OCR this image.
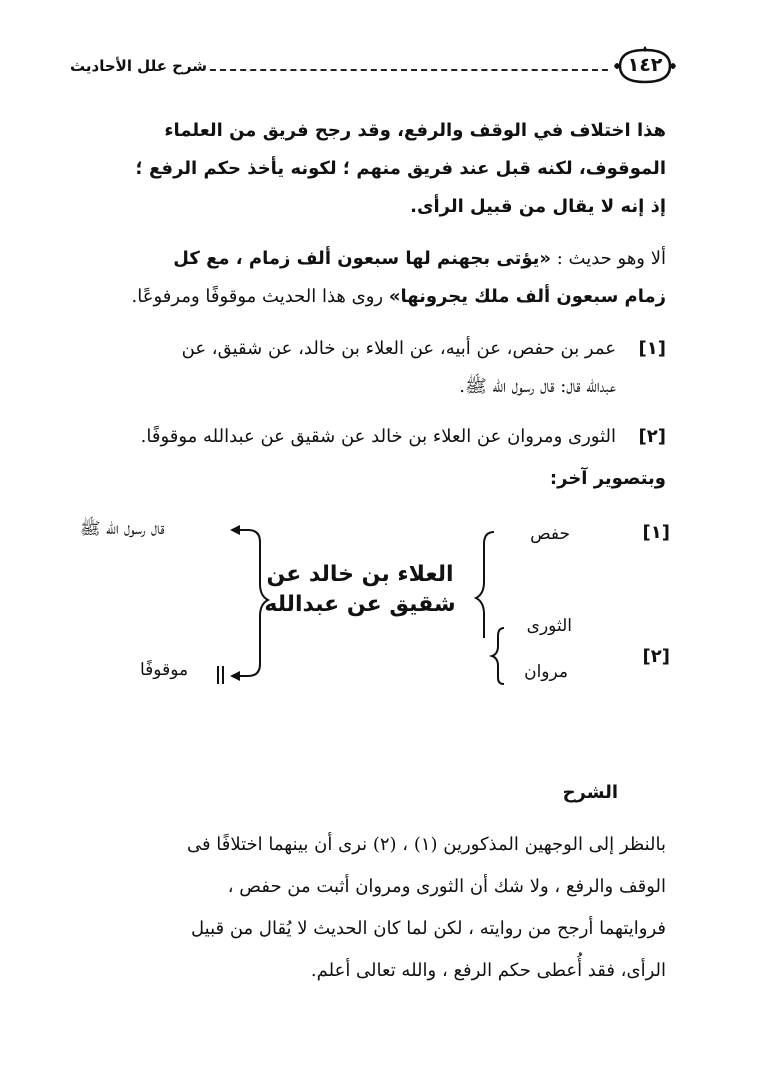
١٤٢
شرح علل الأحاديث
هذا اختلاف في الوقف والرفع، وقد رجح فريق من العلماء
الموقوف، لكنه قبل عند فريق منهم ؛ لكونه يأخذ حكم الرفع ؛
إذ إنه لا يقال من قبيل الرأى.
ألا وهو حديث : «يؤتى بجهنم لها سبعون ألف زمام ، مع كل
زمام سبعون ألف ملك يجرونها» روى هذا الحديث موقوفًا ومرفوعًا.
[١]
عمر بن حفص، عن أبيه، عن العلاء بن خالد، عن شقيق، عن
عبدالله قال: قال رسول الله ﷺ.
[٢]
الثورى ومروان عن العلاء بن خالد عن شقيق عن عبدالله موقوفًا.
وبتصوير آخر:
[١]
[٢]
حفص
الثورى
مروان
العلاء بن خالد عن
شقيق عن عبدالله
قال رسول الله ﷺ
موقوفًا
الشرح
بالنظر إلى الوجهين المذكورين (١) ، (٢) نرى أن بينهما اختلافًا فى
الوقف والرفع ، ولا شك أن الثورى ومروان أثبت من حفص ،
فروايتهما أرجح من روايته ، لكن لما كان الحديث لا يُقال من قبيل
الرأى، فقد أُعطى حكم الرفع ، والله تعالى أعلم.
